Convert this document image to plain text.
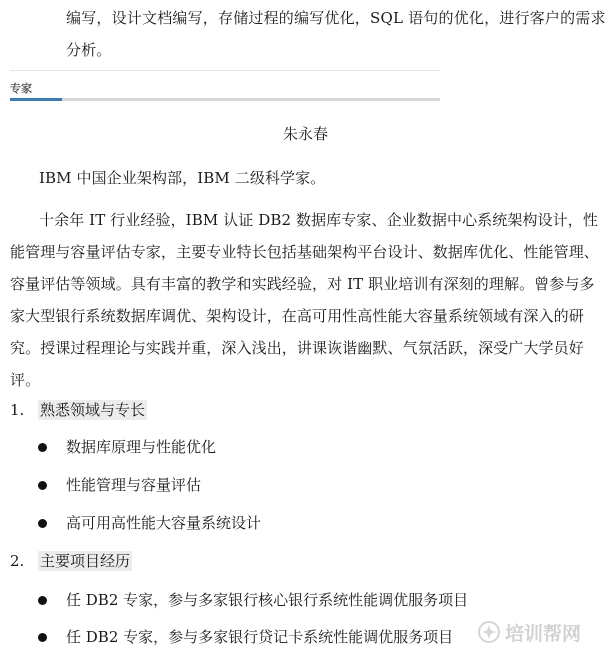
编写，设计文档编写，存储过程的编写优化，SQL 语句的优化，进行客户的需求分析。
专家
朱永春
IBM 中国企业架构部，IBM 二级科学家。
十余年 IT 行业经验，IBM 认证 DB2 数据库专家、企业数据中心系统架构设计，性能管理与容量评估专家，主要专业特长包括基础架构平台设计、数据库优化、性能管理、容量评估等领域。具有丰富的教学和实践经验，对 IT 职业培训有深刻的理解。曾参与多家大型银行系统数据库调优、架构设计，在高可用性高性能大容量系统领域有深入的研究。授课过程理论与实践并重，深入浅出，讲课诙谐幽默、气氛活跃，深受广大学员好评。
1. 熟悉领域与专长
数据库原理与性能优化
性能管理与容量评估
高可用高性能大容量系统设计
2. 主要项目经历
任 DB2 专家，参与多家银行核心银行系统性能调优服务项目
任 DB2 专家，参与多家银行贷记卡系统性能调优服务项目	培训帮网
